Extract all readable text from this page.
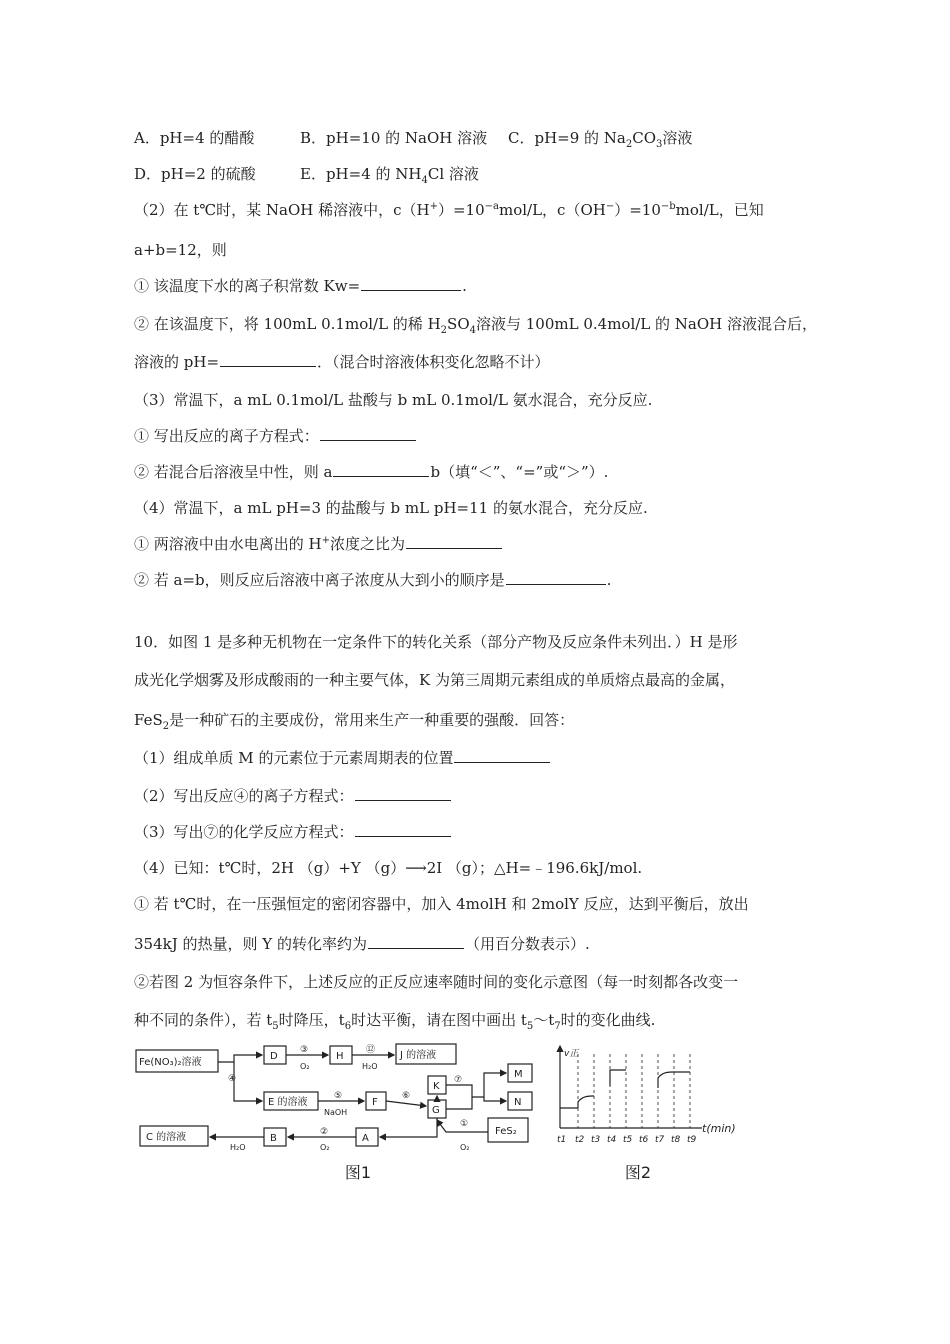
A．pH=4 的醋酸	B．pH=10 的 NaOH 溶液 C．pH=9 的 $Na_2CO_3$溶液
D．pH=2 的硫酸	E．pH=4 的 $NH_4Cl$ 溶液
（2）在 t℃时，某 NaOH 稀溶液中，$c(H^+)=10^{-a}mol/L$，$c(OH^-)=10^{-b}mol/L$，已知
a+b=12，则
① 该温度下水的离子积常数 Kw=	.
② 在该温度下，将 100mL 0.1mol/L 的稀 $H_2SO_4$溶液与 100mL 0.4mol/L 的 NaOH 溶液混合后，
溶液的 pH=	．（混合时溶液体积变化忽略不计）
（3）常温下，a mL 0.1mol/L 盐酸与 b mL 0.1mol/L 氨水混合，充分反应.
① 写出反应的离子方程式：
② 若混合后溶液呈中性，则 a	b（填“＜”、“=”或“＞”）.
（4）常温下，a mL pH=3 的盐酸与 b mL pH=11 的氨水混合，充分反应.
① 两溶液中由水电离出的 H+浓度之比为
② 若 a=b，则反应后溶液中离子浓度从大到小的顺序是	.
10．如图 1 是多种无机物在一定条件下的转化关系（部分产物及反应条件未列出．）H 是形
成光化学烟雾及形成酸雨的一种主要气体，K 为第三周期元素组成的单质熔点最高的金属，
FeS$_2$是一种矿石的主要成份，常用来生产一种重要的强酸．回答：
（1）组成单质 M 的元素位于元素周期表的位置
（2）写出反应④的离子方程式：
（3）写出⑦的化学反应方程式：
（4）已知：t℃时，2H （g）+Y （g）⟶2I （g）；△H=﹣196.6kJ/mol.
① 若 t℃时，在一压强恒定的密闭容器中，加入 4molH 和 2molY 反应，达到平衡后，放出
354kJ 的热量，则 Y 的转化率约为	（用百分数表示）.
②若图 2 为恒容条件下，上述反应的正反应速率随时间的变化示意图（每一时刻都各改变一
种不同的条件），若 $t_5$时降压，$t_6$时达平衡，请在图中画出 $t_5\sim t_7$时的变化曲线.
Fe(NO₃)₂溶液
D	H	J 的溶液
E 的溶液	F
K
G
M
N
C 的溶液	B	A
FeS₂
④
③
O₂
⑫
H₂O
⑤
NaOH
⑥
⑦
①
O₂
②
O₂
H₂O
图1
v正
t(min)
t1 t2 t3 t4 t5 t6 t7 t8 t9
图2
